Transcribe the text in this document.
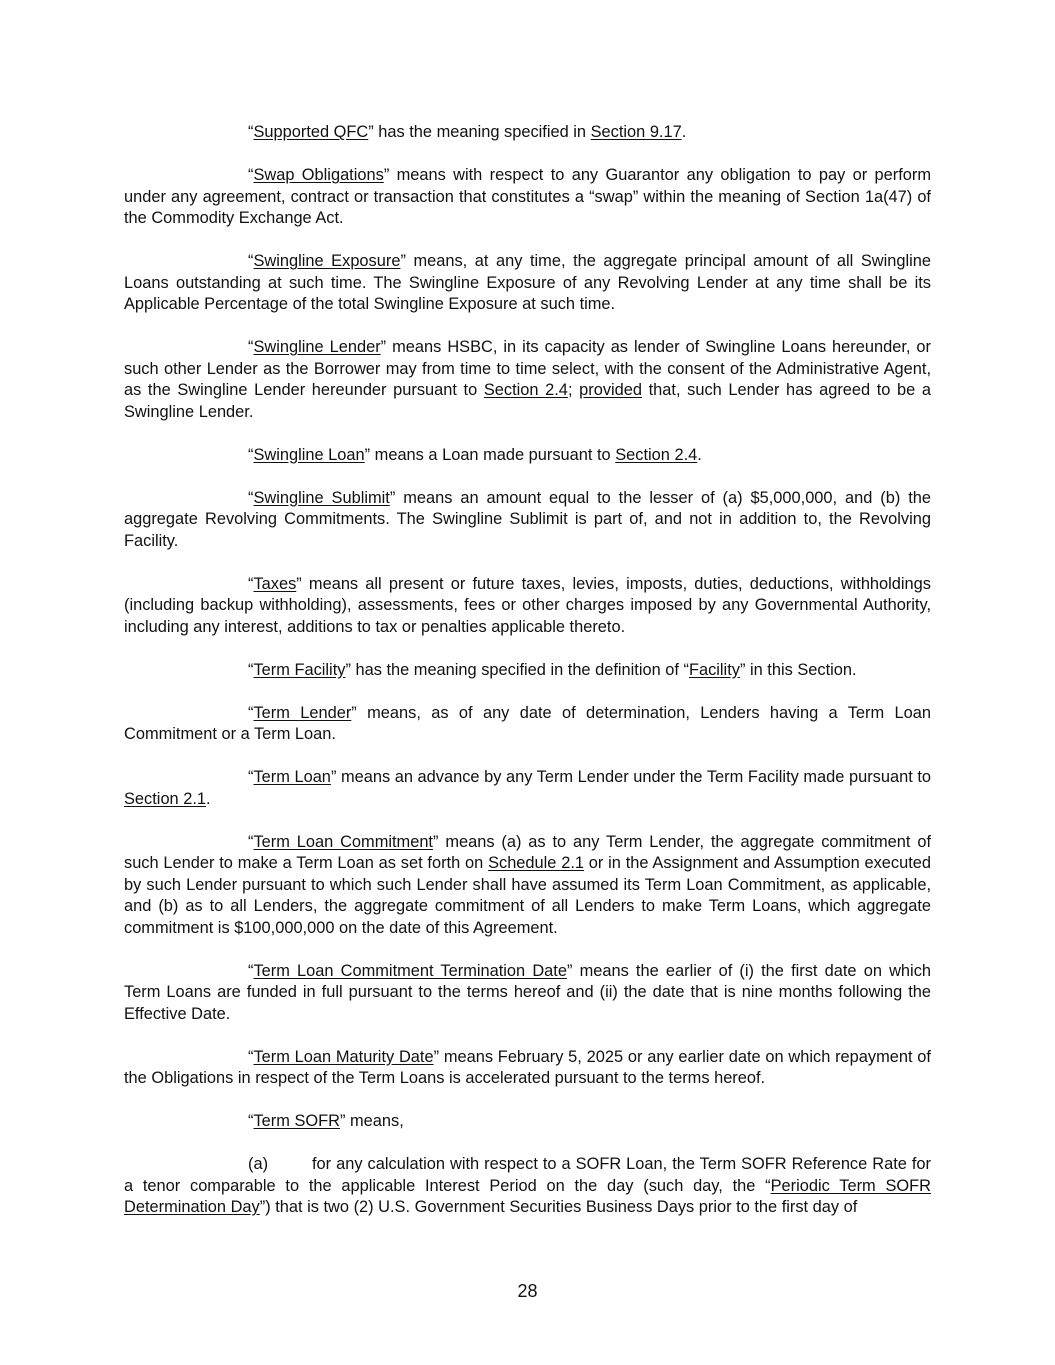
“Supported QFC” has the meaning specified in Section 9.17.

“Swap Obligations” means with respect to any Guarantor any obligation to pay or perform under any agreement, contract or transaction that constitutes a “swap” within the meaning of Section 1a(47) of the Commodity Exchange Act.

“Swingline Exposure” means, at any time, the aggregate principal amount of all Swingline Loans outstanding at such time. The Swingline Exposure of any Revolving Lender at any time shall be its Applicable Percentage of the total Swingline Exposure at such time.

“Swingline Lender” means HSBC, in its capacity as lender of Swingline Loans hereunder, or such other Lender as the Borrower may from time to time select, with the consent of the Administrative Agent, as the Swingline Lender hereunder pursuant to Section 2.4; provided that, such Lender has agreed to be a Swingline Lender.

“Swingline Loan” means a Loan made pursuant to Section 2.4.

“Swingline Sublimit” means an amount equal to the lesser of (a) $5,000,000, and (b) the aggregate Revolving Commitments. The Swingline Sublimit is part of, and not in addition to, the Revolving Facility.

“Taxes” means all present or future taxes, levies, imposts, duties, deductions, withholdings (including backup withholding), assessments, fees or other charges imposed by any Governmental Authority, including any interest, additions to tax or penalties applicable thereto.

“Term Facility” has the meaning specified in the definition of “Facility” in this Section.

“Term Lender” means, as of any date of determination, Lenders having a Term Loan Commitment or a Term Loan.

“Term Loan” means an advance by any Term Lender under the Term Facility made pursuant to Section 2.1.

“Term Loan Commitment” means (a) as to any Term Lender, the aggregate commitment of such Lender to make a Term Loan as set forth on Schedule 2.1 or in the Assignment and Assumption executed by such Lender pursuant to which such Lender shall have assumed its Term Loan Commitment, as applicable, and (b) as to all Lenders, the aggregate commitment of all Lenders to make Term Loans, which aggregate commitment is $100,000,000 on the date of this Agreement.

“Term Loan Commitment Termination Date” means the earlier of (i) the first date on which Term Loans are funded in full pursuant to the terms hereof and (ii) the date that is nine months following the Effective Date.

“Term Loan Maturity Date” means February 5, 2025 or any earlier date on which repayment of the Obligations in respect of the Term Loans is accelerated pursuant to the terms hereof.

“Term SOFR” means,

(a)	for any calculation with respect to a SOFR Loan, the Term SOFR Reference Rate for a tenor comparable to the applicable Interest Period on the day (such day, the “Periodic Term SOFR Determination Day”) that is two (2) U.S. Government Securities Business Days prior to the first day of

28
